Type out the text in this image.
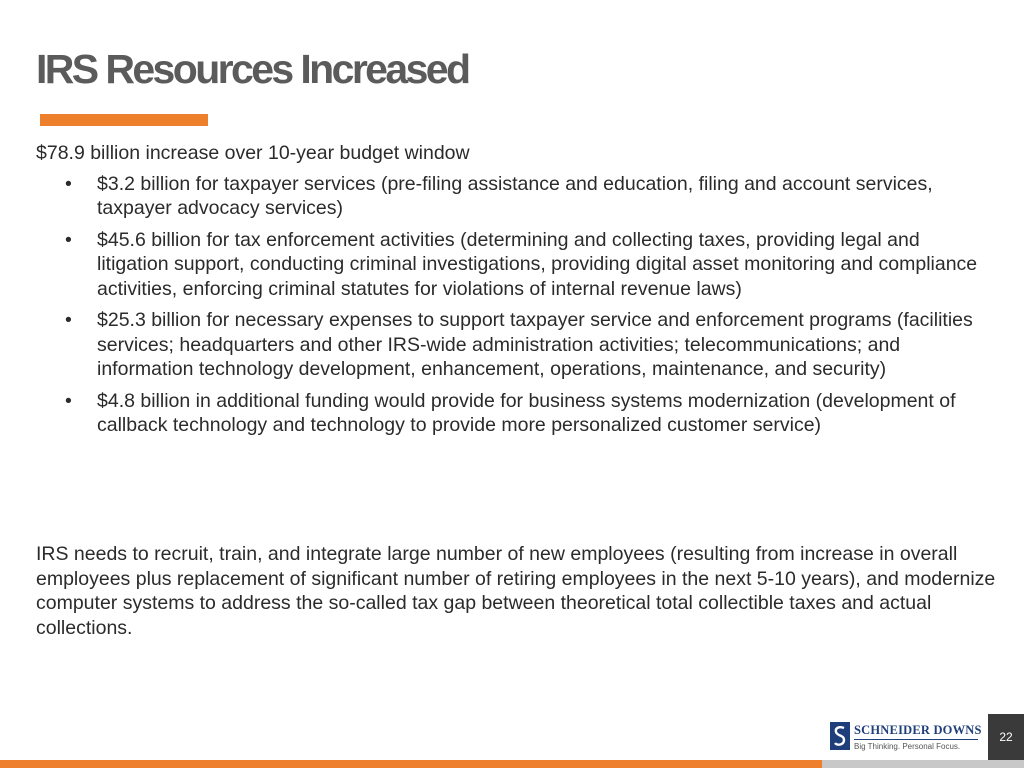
IRS Resources Increased

$78.9 billion increase over 10-year budget window

• $3.2 billion for taxpayer services (pre-filing assistance and education, filing and account services, taxpayer advocacy services)
• $45.6 billion for tax enforcement activities (determining and collecting taxes, providing legal and litigation support, conducting criminal investigations, providing digital asset monitoring and compliance activities, enforcing criminal statutes for violations of internal revenue laws)
• $25.3 billion for necessary expenses to support taxpayer service and enforcement programs (facilities services; headquarters and other IRS-wide administration activities; telecommunications; and information technology development, enhancement, operations, maintenance, and security)
• $4.8 billion in additional funding would provide for business systems modernization (development of callback technology and technology to provide more personalized customer service)

IRS needs to recruit, train, and integrate large number of new employees (resulting from increase in overall employees plus replacement of significant number of retiring employees in the next 5-10 years), and modernize computer systems to address the so-called tax gap between theoretical total collectible taxes and actual collections.

SCHNEIDER DOWNS
Big Thinking. Personal Focus.
22
